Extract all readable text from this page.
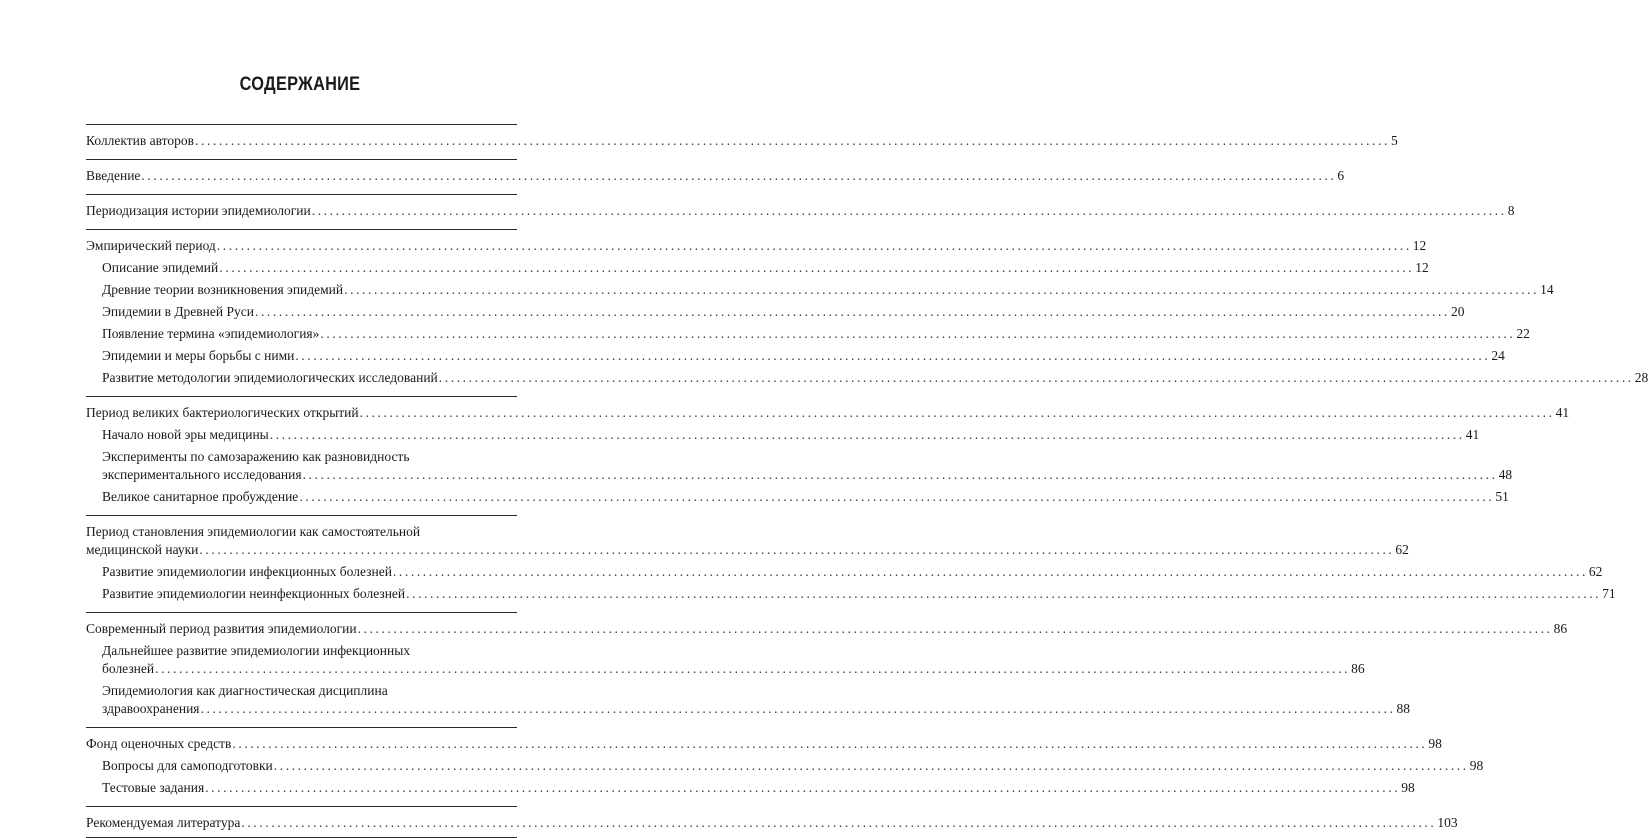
СОДЕРЖАНИЕ
Коллектив авторов ........................................................................................................................................................................................................ 5
Введение ........................................................................................................................................................................................................ 6
Периодизация истории эпидемиологии ........................................................................................................................................................................................................ 8
Эмпирический период ........................................................................................................................................................................................................ 12
Описание эпидемий ........................................................................................................................................................................................................ 12
Древние теории возникновения эпидемий ........................................................................................................................................................................................................ 14
Эпидемии в Древней Руси ........................................................................................................................................................................................................ 20
Появление термина «эпидемиология» ........................................................................................................................................................................................................ 22
Эпидемии и меры борьбы с ними ........................................................................................................................................................................................................ 24
Развитие методологии эпидемиологических исследований ........................................................................................................................................................................................................ 28
Период великих бактериологических открытий ........................................................................................................................................................................................................ 41
Начало новой эры медицины ........................................................................................................................................................................................................ 41
Эксперименты по самозаражению как разновидность
экспериментального исследования ........................................................................................................................................................................................................ 48
Великое санитарное пробуждение ........................................................................................................................................................................................................ 51
Период становления эпидемиологии как самостоятельной
медицинской науки ........................................................................................................................................................................................................ 62
Развитие эпидемиологии инфекционных болезней ........................................................................................................................................................................................................ 62
Развитие эпидемиологии неинфекционных болезней ........................................................................................................................................................................................................ 71
Современный период развития эпидемиологии ........................................................................................................................................................................................................ 86
Дальнейшее развитие эпидемиологии инфекционных
болезней ........................................................................................................................................................................................................ 86
Эпидемиология как диагностическая дисциплина
здравоохранения ........................................................................................................................................................................................................ 88
Фонд оценочных средств ........................................................................................................................................................................................................ 98
Вопросы для самоподготовки ........................................................................................................................................................................................................ 98
Тестовые задания ........................................................................................................................................................................................................ 98
Рекомендуемая литература ........................................................................................................................................................................................................ 103
